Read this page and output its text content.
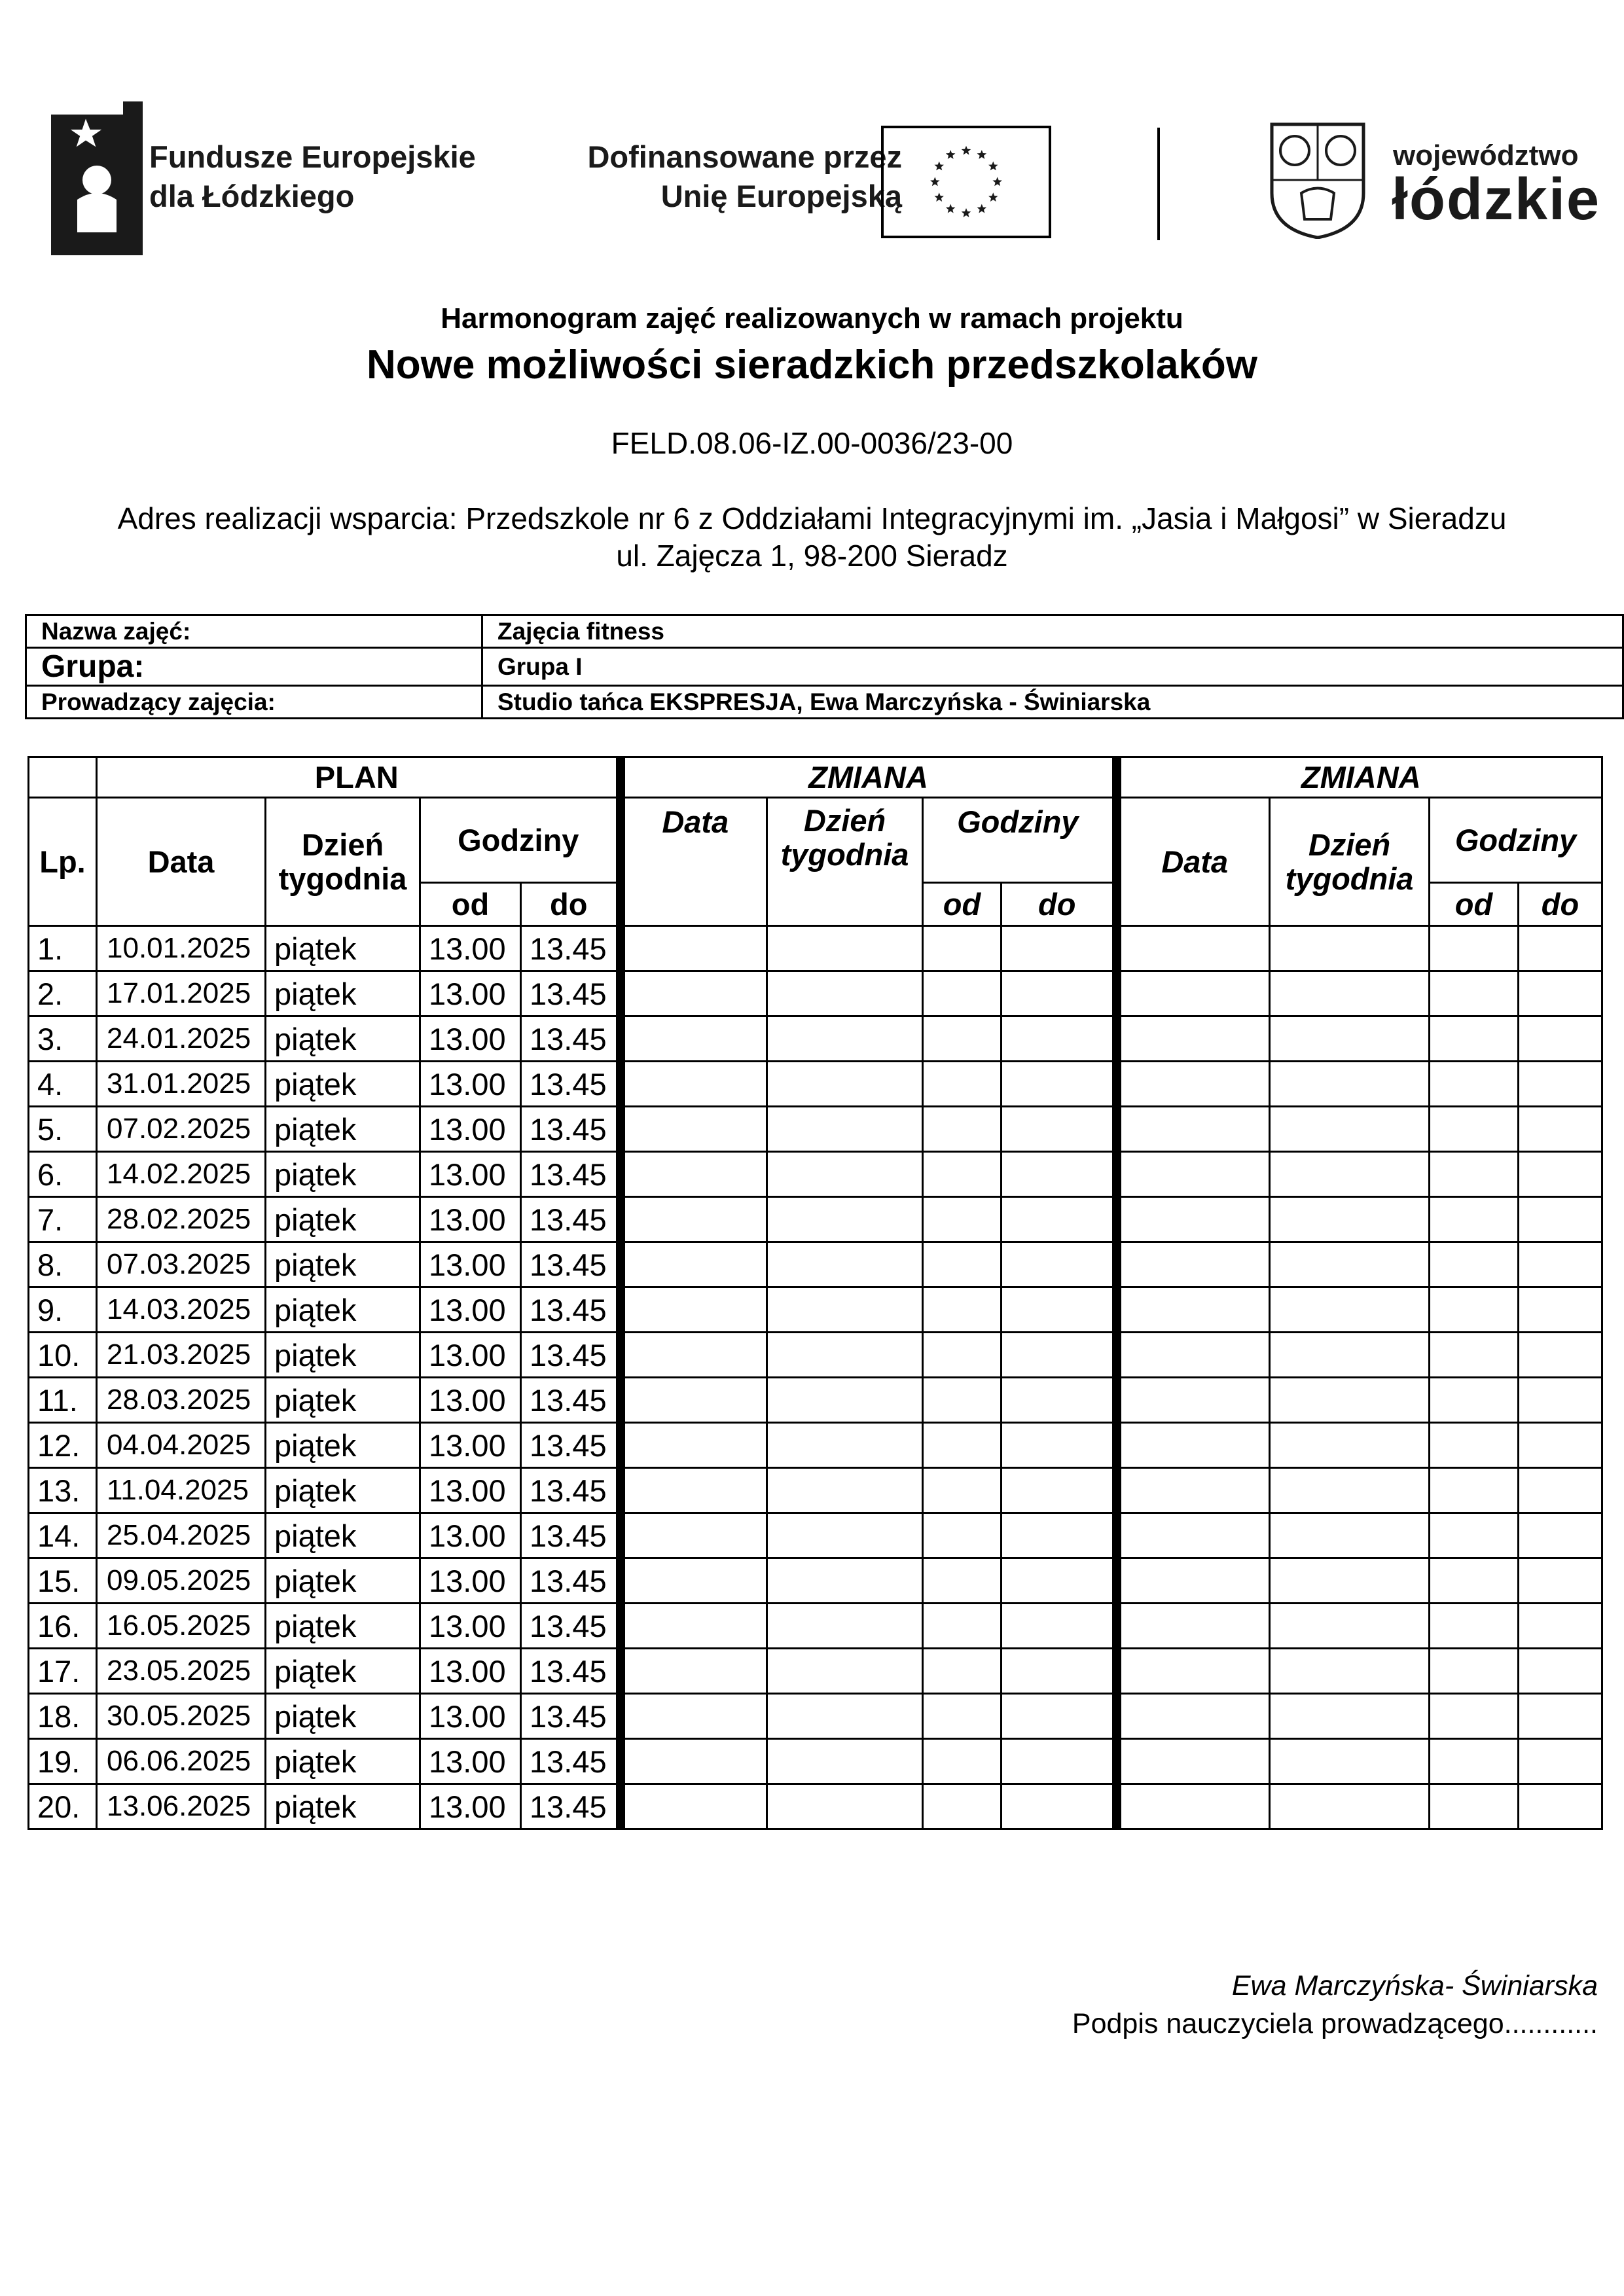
Fundusze Europejskie
dla Łódzkiego
Dofinansowane przez
Unię Europejską
województwo
łódzkie
Harmonogram zajęć realizowanych w ramach projektu
Nowe możliwości sieradzkich przedszkolaków
FELD.08.06-IZ.00-0036/23-00
Adres realizacji wsparcia: Przedszkole nr 6 z Oddziałami Integracyjnymi im. „Jasia i Małgosi” w Sieradzu
ul. Zajęcza 1, 98-200 Sieradz
Nazwa zajęć:	Zajęcia fitness
Grupa:	Grupa I
Prowadzący zajęcia:	Studio tańca EKSPRESJA, Ewa Marczyńska - Świniarska
	PLAN				ZMIANA				ZMIANA			
Lp.	Data	Dzień tygodnia	Godziny		Data	Dzień tygodnia	Godziny		Data	Dzień tygodnia	Godziny	
			od	do			od	do			od	do
1.	10.01.2025	piątek	13.00	13.45								
2.	17.01.2025	piątek	13.00	13.45								
3.	24.01.2025	piątek	13.00	13.45								
4.	31.01.2025	piątek	13.00	13.45								
5.	07.02.2025	piątek	13.00	13.45								
6.	14.02.2025	piątek	13.00	13.45								
7.	28.02.2025	piątek	13.00	13.45								
8.	07.03.2025	piątek	13.00	13.45								
9.	14.03.2025	piątek	13.00	13.45								
10.	21.03.2025	piątek	13.00	13.45								
11.	28.03.2025	piątek	13.00	13.45								
12.	04.04.2025	piątek	13.00	13.45								
13.	11.04.2025	piątek	13.00	13.45								
14.	25.04.2025	piątek	13.00	13.45								
15.	09.05.2025	piątek	13.00	13.45								
16.	16.05.2025	piątek	13.00	13.45								
17.	23.05.2025	piątek	13.00	13.45								
18.	30.05.2025	piątek	13.00	13.45								
19.	06.06.2025	piątek	13.00	13.45								
20.	13.06.2025	piątek	13.00	13.45								
Ewa Marczyńska- Świniarska
Podpis nauczyciela prowadzącego............
